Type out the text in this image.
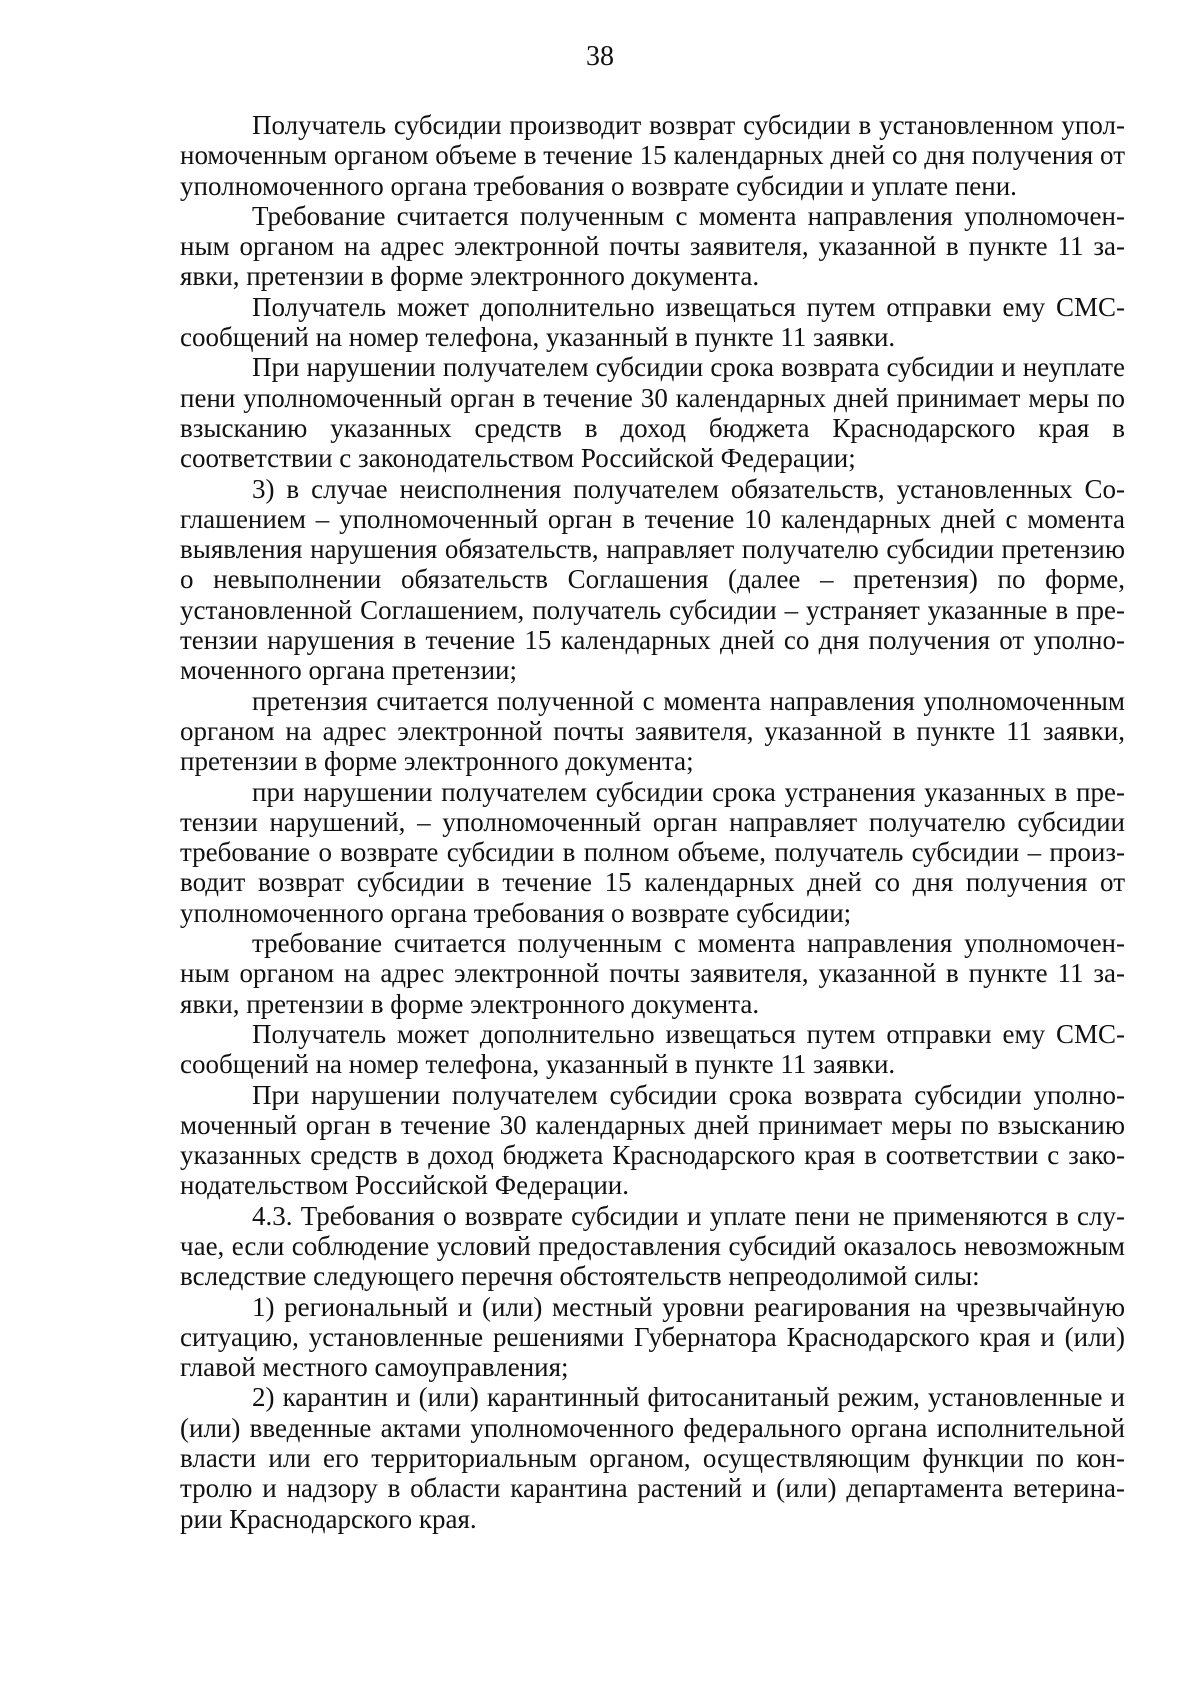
38

Получатель субсидии производит возврат субсидии в установленном уполномоченным органом объеме в течение 15 календарных дней со дня получения от уполномоченного органа требования о возврате субсидии и уплате пени.

Требование считается полученным с момента направления уполномоченным органом на адрес электронной почты заявителя, указанной в пункте 11 заявки, претензии в форме электронного документа.

Получатель может дополнительно извещаться путем отправки ему СМС-сообщений на номер телефона, указанный в пункте 11 заявки.

При нарушении получателем субсидии срока возврата субсидии и неуплате пени уполномоченный орган в течение 30 календарных дней принимает меры по взысканию указанных средств в доход бюджета Краснодарского края в соответствии с законодательством Российской Федерации;

3) в случае неисполнения получателем обязательств, установленных Соглашением – уполномоченный орган в течение 10 календарных дней с момента выявления нарушения обязательств, направляет получателю субсидии претензию о невыполнении обязательств Соглашения (далее – претензия) по форме, установленной Соглашением, получатель субсидии – устраняет указанные в претензии нарушения в течение 15 календарных дней со дня получения от уполномоченного органа претензии;

претензия считается полученной с момента направления уполномоченным органом на адрес электронной почты заявителя, указанной в пункте 11 заявки, претензии в форме электронного документа;

при нарушении получателем субсидии срока устранения указанных в претензии нарушений, – уполномоченный орган направляет получателю субсидии требование о возврате субсидии в полном объеме, получатель субсидии – производит возврат субсидии в течение 15 календарных дней со дня получения от уполномоченного органа требования о возврате субсидии;

требование считается полученным с момента направления уполномоченным органом на адрес электронной почты заявителя, указанной в пункте 11 заявки, претензии в форме электронного документа.

Получатель может дополнительно извещаться путем отправки ему СМС-сообщений на номер телефона, указанный в пункте 11 заявки.

При нарушении получателем субсидии срока возврата субсидии уполномоченный орган в течение 30 календарных дней принимает меры по взысканию указанных средств в доход бюджета Краснодарского края в соответствии с законодательством Российской Федерации.

4.3. Требования о возврате субсидии и уплате пени не применяются в случае, если соблюдение условий предоставления субсидий оказалось невозможным вследствие следующего перечня обстоятельств непреодолимой силы:

1) региональный и (или) местный уровни реагирования на чрезвычайную ситуацию, установленные решениями Губернатора Краснодарского края и (или) главой местного самоуправления;

2) карантин и (или) карантинный фитосанитаный режим, установленные и (или) введенные актами уполномоченного федерального органа исполнительной власти или его территориальным органом, осуществляющим функции по контролю и надзору в области карантина растений и (или) департамента ветеринарии Краснодарского края.
